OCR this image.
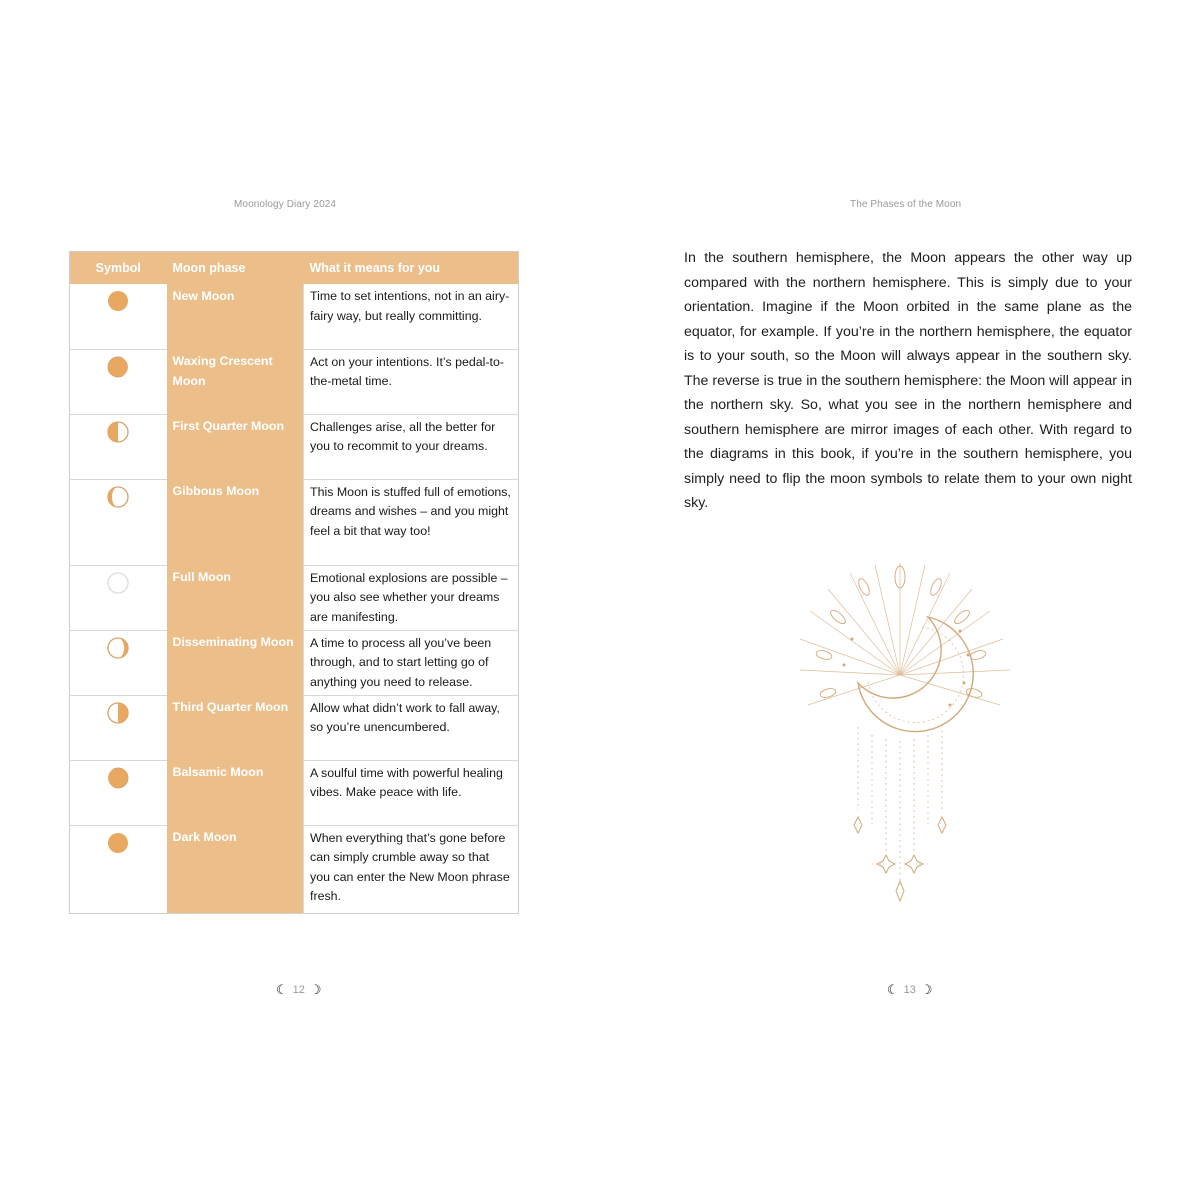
Moonology Diary 2024
Symbol	Moon phase	What it means for you
	New Moon	Time to set intentions, not in an airy-fairy way, but really committing.
	Waxing Crescent Moon	Act on your intentions. It’s pedal-to-the-metal time.
	First Quarter Moon	Challenges arise, all the better for you to recommit to your dreams.
	Gibbous Moon	This Moon is stuffed full of emotions, dreams and wishes – and you might feel a bit that way too!
	Full Moon	Emotional explosions are possible – you also see whether your dreams are manifesting.
	Disseminating Moon	A time to process all you’ve been through, and to start letting go of anything you need to release.
	Third Quarter Moon	Allow what didn’t work to fall away, so you’re unencumbered.
	Balsamic Moon	A soulful time with powerful healing vibes. Make peace with life.
	Dark Moon	When everything that’s gone before can simply crumble away so that you can enter the New Moon phrase fresh.
☾ 12 ☽
The Phases of the Moon

In the southern hemisphere, the Moon appears the other way up compared with the northern hemisphere. This is simply due to your orientation. Imagine if the Moon orbited in the same plane as the equator, for example. If you’re in the northern hemisphere, the equator is to your south, so the Moon will always appear in the southern sky. The reverse is true in the southern hemisphere: the Moon will appear in the northern sky. So, what you see in the northern hemisphere and southern hemisphere are mirror images of each other. With regard to the diagrams in this book, if you’re in the southern hemisphere, you simply need to flip the moon symbols to relate them to your own night sky.

☾ 13 ☽
